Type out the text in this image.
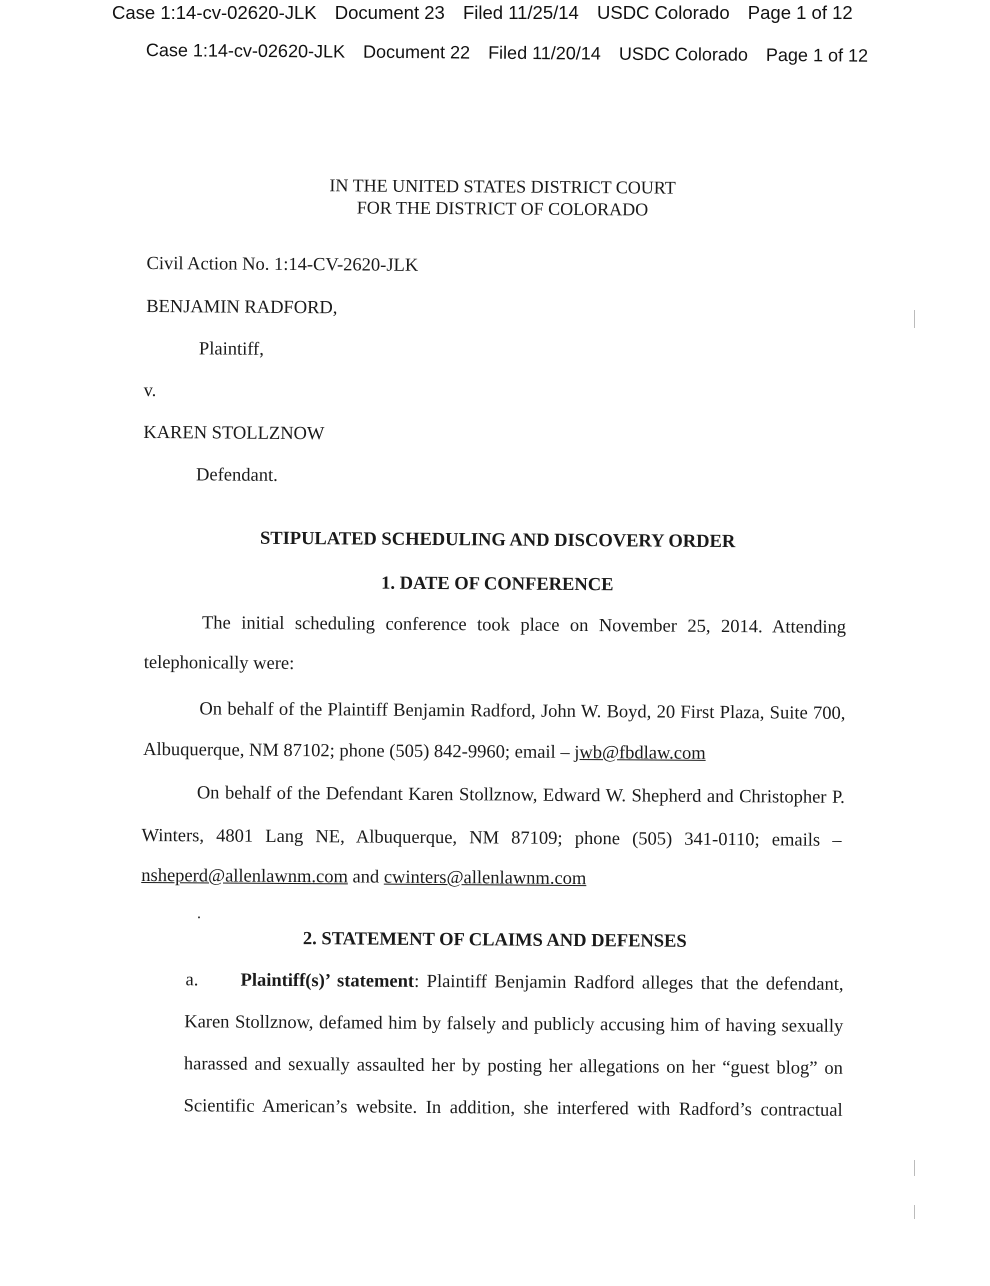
Case 1:14-cv-02620-JLK Document 23 Filed 11/25/14 USDC Colorado Page 1 of 12
Case 1:14-cv-02620-JLK Document 22 Filed 11/20/14 USDC Colorado Page 1 of 12
IN THE UNITED STATES DISTRICT COURT
FOR THE DISTRICT OF COLORADO
Civil Action No. 1:14-CV-2620-JLK
BENJAMIN RADFORD,
Plaintiff,
v.
KAREN STOLLZNOW
Defendant.
STIPULATED SCHEDULING AND DISCOVERY ORDER
1. DATE OF CONFERENCE
The initial scheduling conference took place on November 25, 2014. Attending
telephonically were:
On behalf of the Plaintiff Benjamin Radford, John W. Boyd, 20 First Plaza, Suite 700,
Albuquerque, NM 87102; phone (505) 842-9960; email – jwb@fbdlaw.com
On behalf of the Defendant Karen Stollznow, Edward W. Shepherd and Christopher P.
Winters, 4801 Lang NE, Albuquerque, NM 87109; phone (505) 341-0110; emails –
nsheperd@allenlawnm.com and cwinters@allenlawnm.com
2. STATEMENT OF CLAIMS AND DEFENSES
a. Plaintiff(s)’ statement: Plaintiff Benjamin Radford alleges that the defendant,
Karen Stollznow, defamed him by falsely and publicly accusing him of having sexually
harassed and sexually assaulted her by posting her allegations on her “guest blog” on
Scientific American’s website. In addition, she interfered with Radford’s contractual
